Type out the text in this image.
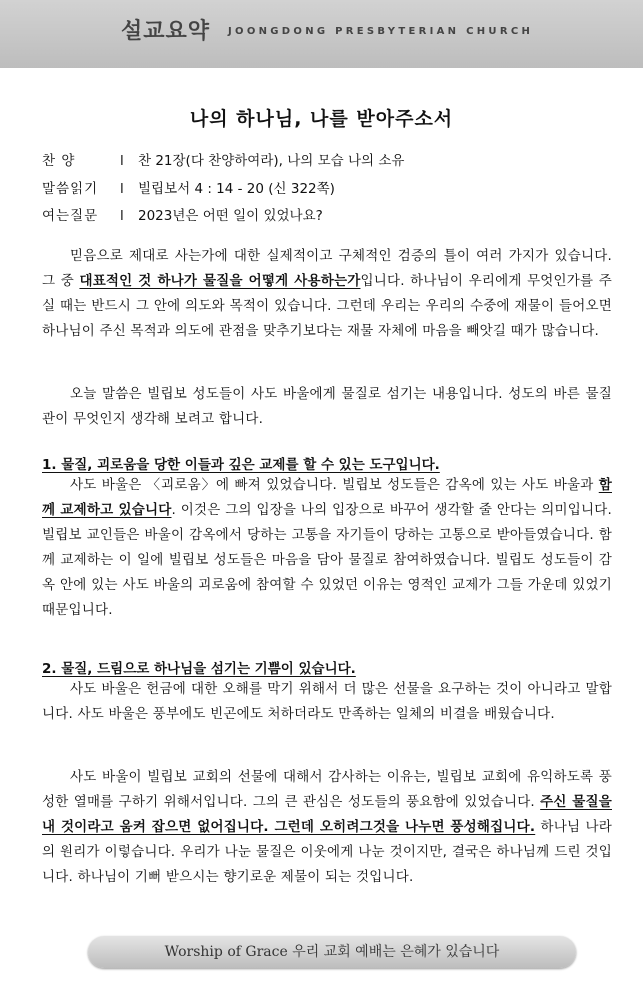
설교요약 JOONGDONG PRESBYTERIAN CHURCH
나의 하나님, 나를 받아주소서
찬 양	l 찬 21장(다 찬양하여라), 나의 모습 나의 소유
말씀읽기 l 빌립보서 4 : 14 - 20 (신 322쪽)
여는질문 l 2023년은 어떤 일이 있었나요?

믿음으로 제대로 사는가에 대한 실제적이고 구체적인 검증의 틀이 여러 가지가 있습니다. 그 중 대표적인 것 하나가 물질을 어떻게 사용하는가입니다. 하나님이 우리에게 무엇인가를 주실 때는 반드시 그 안에 의도와 목적이 있습니다. 그런데 우리는 우리의 수중에 재물이 들어오면 하나님이 주신 목적과 의도에 관점을 맞추기보다는 재물 자체에 마음을 빼앗길 때가 많습니다.

오늘 말씀은 빌립보 성도들이 사도 바울에게 물질로 섬기는 내용입니다. 성도의 바른 물질관이 무엇인지 생각해 보려고 합니다.

1. 물질, 괴로움을 당한 이들과 깊은 교제를 할 수 있는 도구입니다.

사도 바울은 〈괴로움〉에 빠져 있었습니다. 빌립보 성도들은 감옥에 있는 사도 바울과 함께 교제하고 있습니다. 이것은 그의 입장을 나의 입장으로 바꾸어 생각할 줄 안다는 의미입니다. 빌립보 교인들은 바울이 감옥에서 당하는 고통을 자기들이 당하는 고통으로 받아들였습니다. 함께 교제하는 이 일에 빌립보 성도들은 마음을 담아 물질로 참여하였습니다. 빌립도 성도들이 감옥 안에 있는 사도 바울의 괴로움에 참여할 수 있었던 이유는 영적인 교제가 그들 가운데 있었기 때문입니다.

2. 물질, 드림으로 하나님을 섬기는 기쁨이 있습니다.

사도 바울은 헌금에 대한 오해를 막기 위해서 더 많은 선물을 요구하는 것이 아니라고 말합니다. 사도 바울은 풍부에도 빈곤에도 처하더라도 만족하는 일체의 비결을 배웠습니다.

사도 바울이 빌립보 교회의 선물에 대해서 감사하는 이유는, 빌립보 교회에 유익하도록 풍성한 열매를 구하기 위해서입니다. 그의 큰 관심은 성도들의 풍요함에 있었습니다. 주신 물질을 내 것이라고 움켜 잡으면 없어집니다. 그런데 오히려그것을 나누면 풍성해집니다. 하나님 나라의 원리가 이렇습니다. 우리가 나눈 물질은 이웃에게 나눈 것이지만, 결국은 하나님께 드린 것입니다. 하나님이 기뻐 받으시는 향기로운 제물이 되는 것입니다.

Worship of Grace 우리 교회 예배는 은혜가 있습니다
